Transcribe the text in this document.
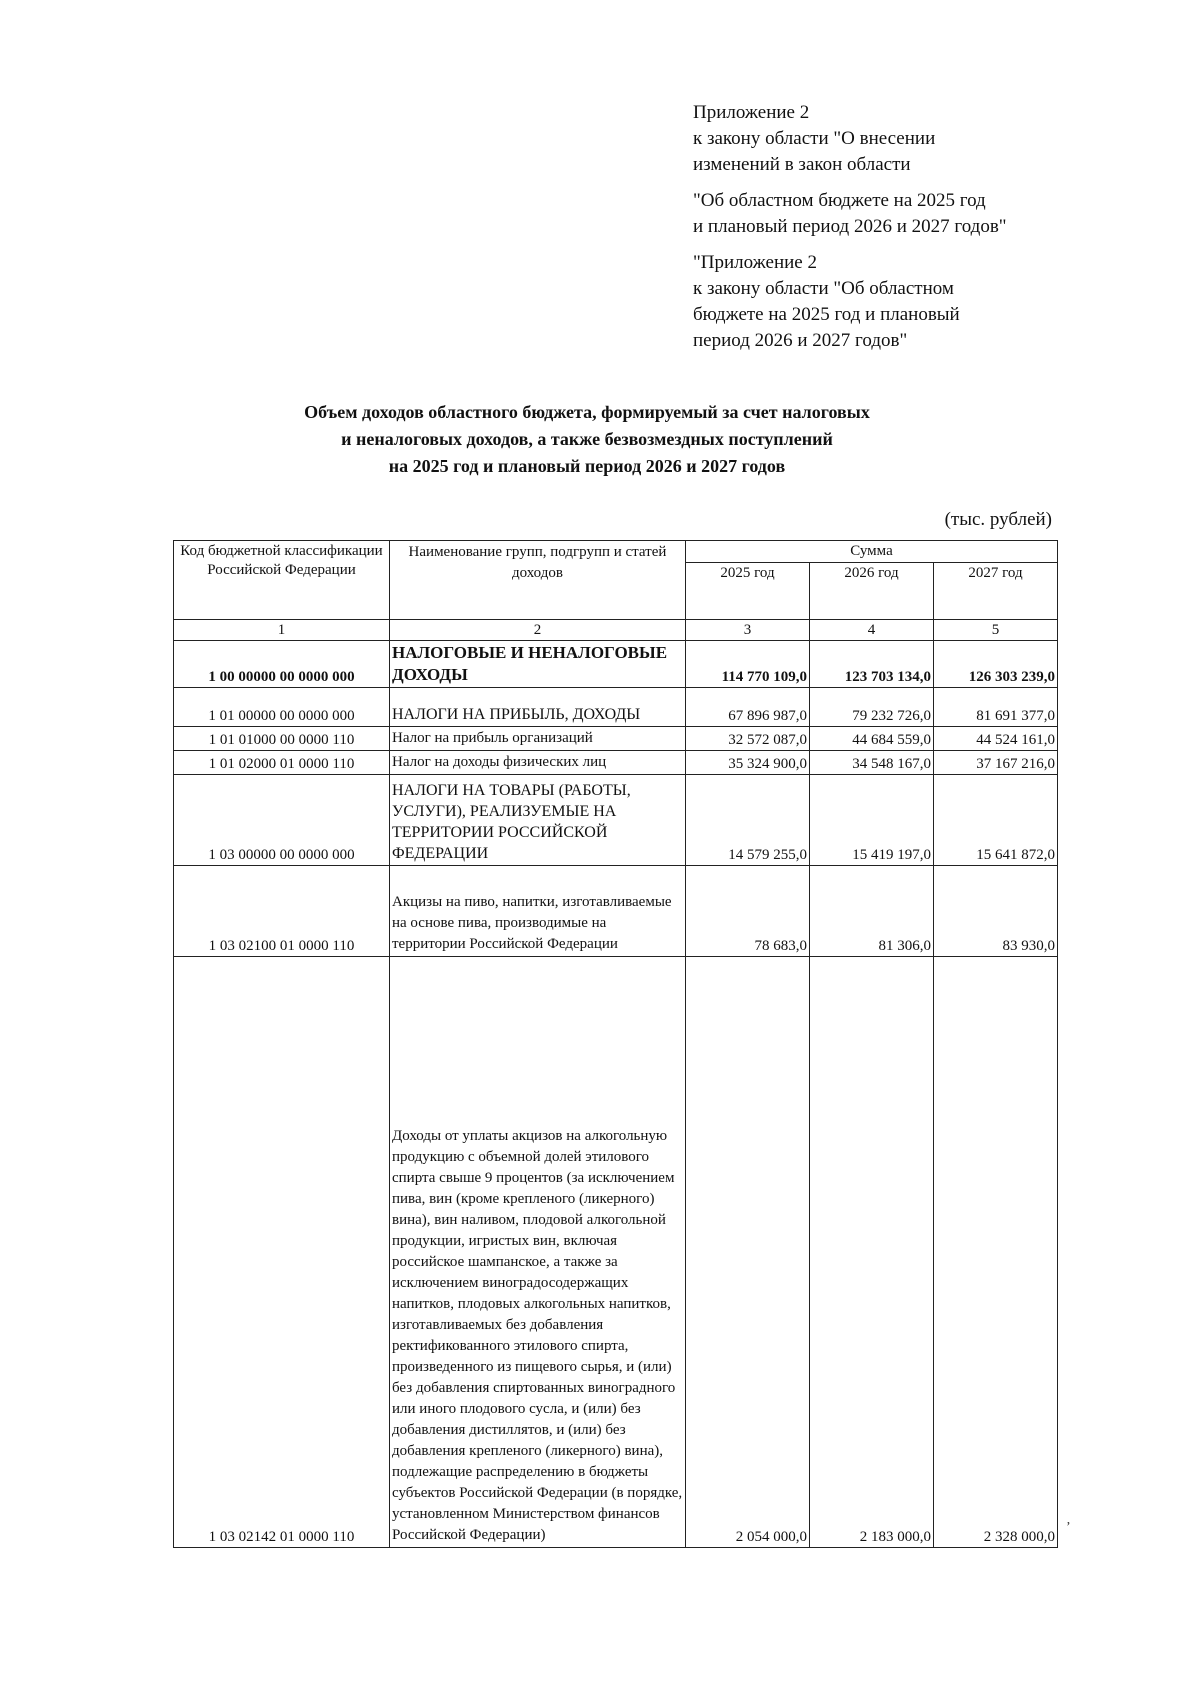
Приложение 2

к закону области "О внесении

изменений в закон области

"Об областном бюджете на 2025 год

и плановый период 2026 и 2027 годов"

"Приложение 2

к закону области "Об областном

бюджете на 2025 год и плановый

период 2026 и 2027 годов"

Объем доходов областного бюджета, формируемый за счет налоговых
и неналоговых доходов, а также безвозмездных поступлений
на 2025 год и плановый период 2026 и 2027 годов
(тыс. рублей)
Код бюджетной классификации Российской Федерации	Наименование групп, подгрупп и статей доходов	Сумма		
		2025 год	2026 год	2027 год
1	2	3	4	5
1 00 00000 00 0000 000	НАЛОГОВЫЕ И НЕНАЛОГОВЫЕ ДОХОДЫ	114 770 109,0	123 703 134,0	126 303 239,0
1 01 00000 00 0000 000	НАЛОГИ НА ПРИБЫЛЬ, ДОХОДЫ	67 896 987,0	79 232 726,0	81 691 377,0
1 01 01000 00 0000 110	Налог на прибыль организаций	32 572 087,0	44 684 559,0	44 524 161,0
1 01 02000 01 0000 110	Налог на доходы физических лиц	35 324 900,0	34 548 167,0	37 167 216,0
1 03 00000 00 0000 000	НАЛОГИ НА ТОВАРЫ (РАБОТЫ, УСЛУГИ), РЕАЛИЗУЕМЫЕ НА ТЕРРИТОРИИ РОССИЙСКОЙ ФЕДЕРАЦИИ	14 579 255,0	15 419 197,0	15 641 872,0
1 03 02100 01 0000 110	Акцизы на пиво, напитки, изготавливаемые на основе пива, производимые на территории Российской Федерации	78 683,0	81 306,0	83 930,0
1 03 02142 01 0000 110	Доходы от уплаты акцизов на алкогольную продукцию с объемной долей этилового спирта свыше 9 процентов (за исключением пива, вин (кроме крепленого (ликерного) вина), вин наливом, плодовой алкогольной продукции, игристых вин, включая российское шампанское, а также за исключением виноградосодержащих напитков, плодовых алкогольных напитков, изготавливаемых без добавления ректификованного этилового спирта, произведенного из пищевого сырья, и (или) без добавления спиртованных виноградного или иного плодового сусла, и (или) без добавления дистиллятов, и (или) без добавления крепленого (ликерного) вина), подлежащие распределению в бюджеты субъектов Российской Федерации (в порядке, установленном Министерством финансов Российской Федерации)	2 054 000,0	2 183 000,0	2 328 000,0
ʼ
